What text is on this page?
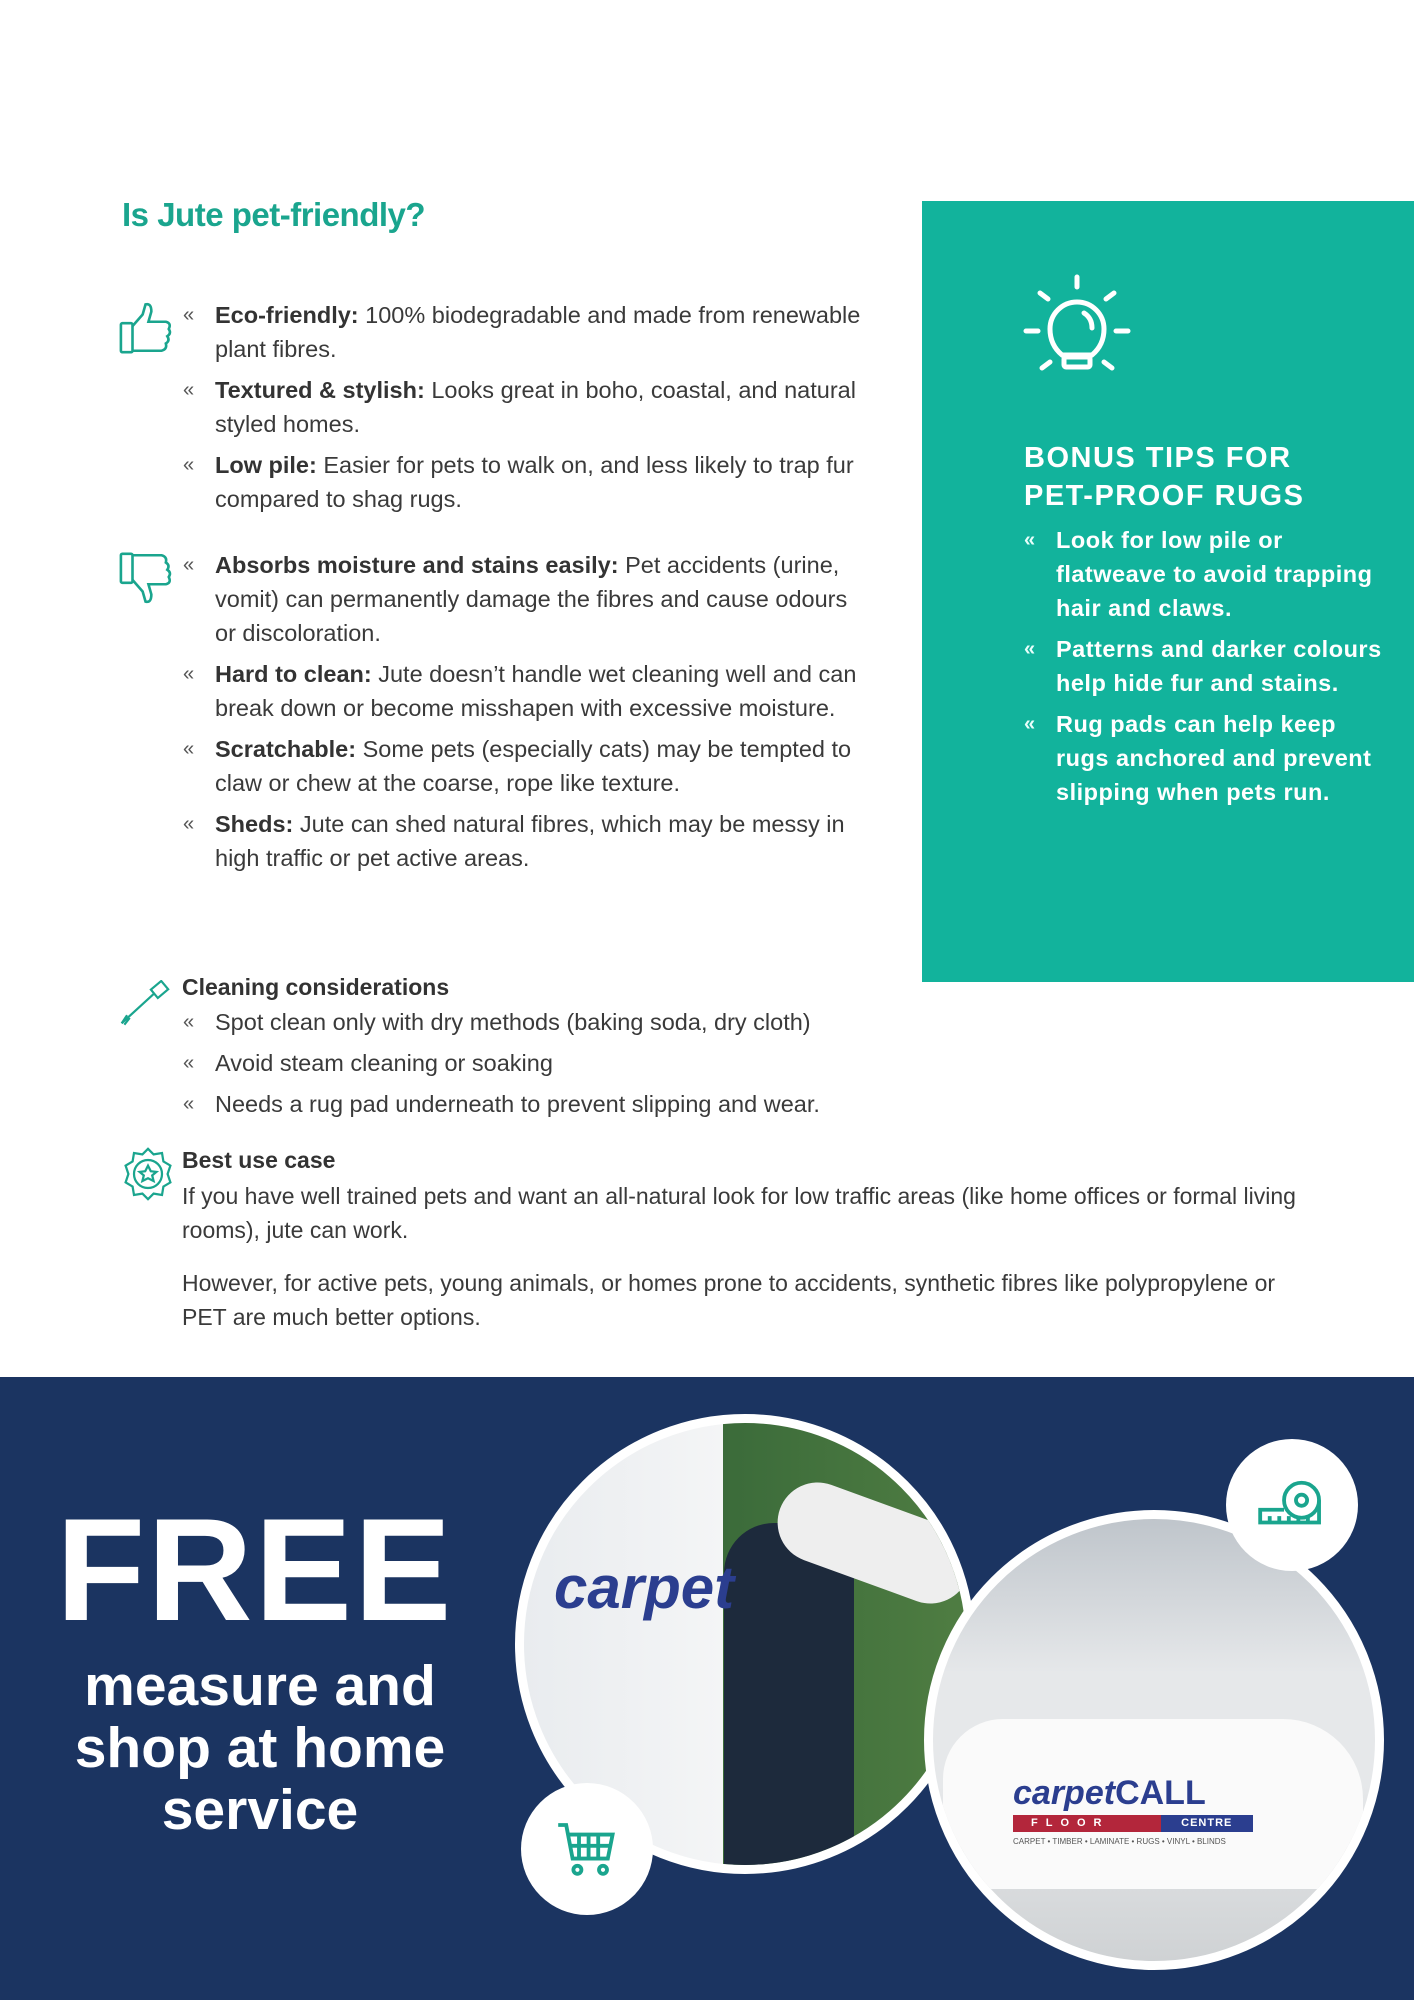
Is Jute pet-friendly?
« Eco-friendly: 100% biodegradable and made from renewable plant fibres.
« Textured & stylish: Looks great in boho, coastal, and natural styled homes.
« Low pile: Easier for pets to walk on, and less likely to trap fur compared to shag rugs.
« Absorbs moisture and stains easily: Pet accidents (urine, vomit) can permanently damage the fibres and cause odours or discoloration.
« Hard to clean: Jute doesn’t handle wet cleaning well and can break down or become misshapen with excessive moisture.
« Scratchable: Some pets (especially cats) may be tempted to claw or chew at the coarse, rope like texture.
« Sheds: Jute can shed natural fibres, which may be messy in high traffic or pet active areas.
Cleaning considerations
« Spot clean only with dry methods (baking soda, dry cloth)
« Avoid steam cleaning or soaking
« Needs a rug pad underneath to prevent slipping and wear.
Best use case
If you have well trained pets and want an all-natural look for low traffic areas (like home offices or formal living rooms), jute can work.
However, for active pets, young animals, or homes prone to accidents, synthetic fibres like polypropylene or PET are much better options.
BONUS TIPS FOR
PET-PROOF RUGS
« Look for low pile or flatweave to avoid trapping hair and claws.
« Patterns and darker colours help hide fur and stains.
« Rug pads can help keep rugs anchored and prevent slipping when pets run.
FREE
measure and
shop at home
service
carpet
carpetCALL
FLOOR	CENTRE
CARPET • TIMBER • LAMINATE • RUGS • VINYL • BLINDS
